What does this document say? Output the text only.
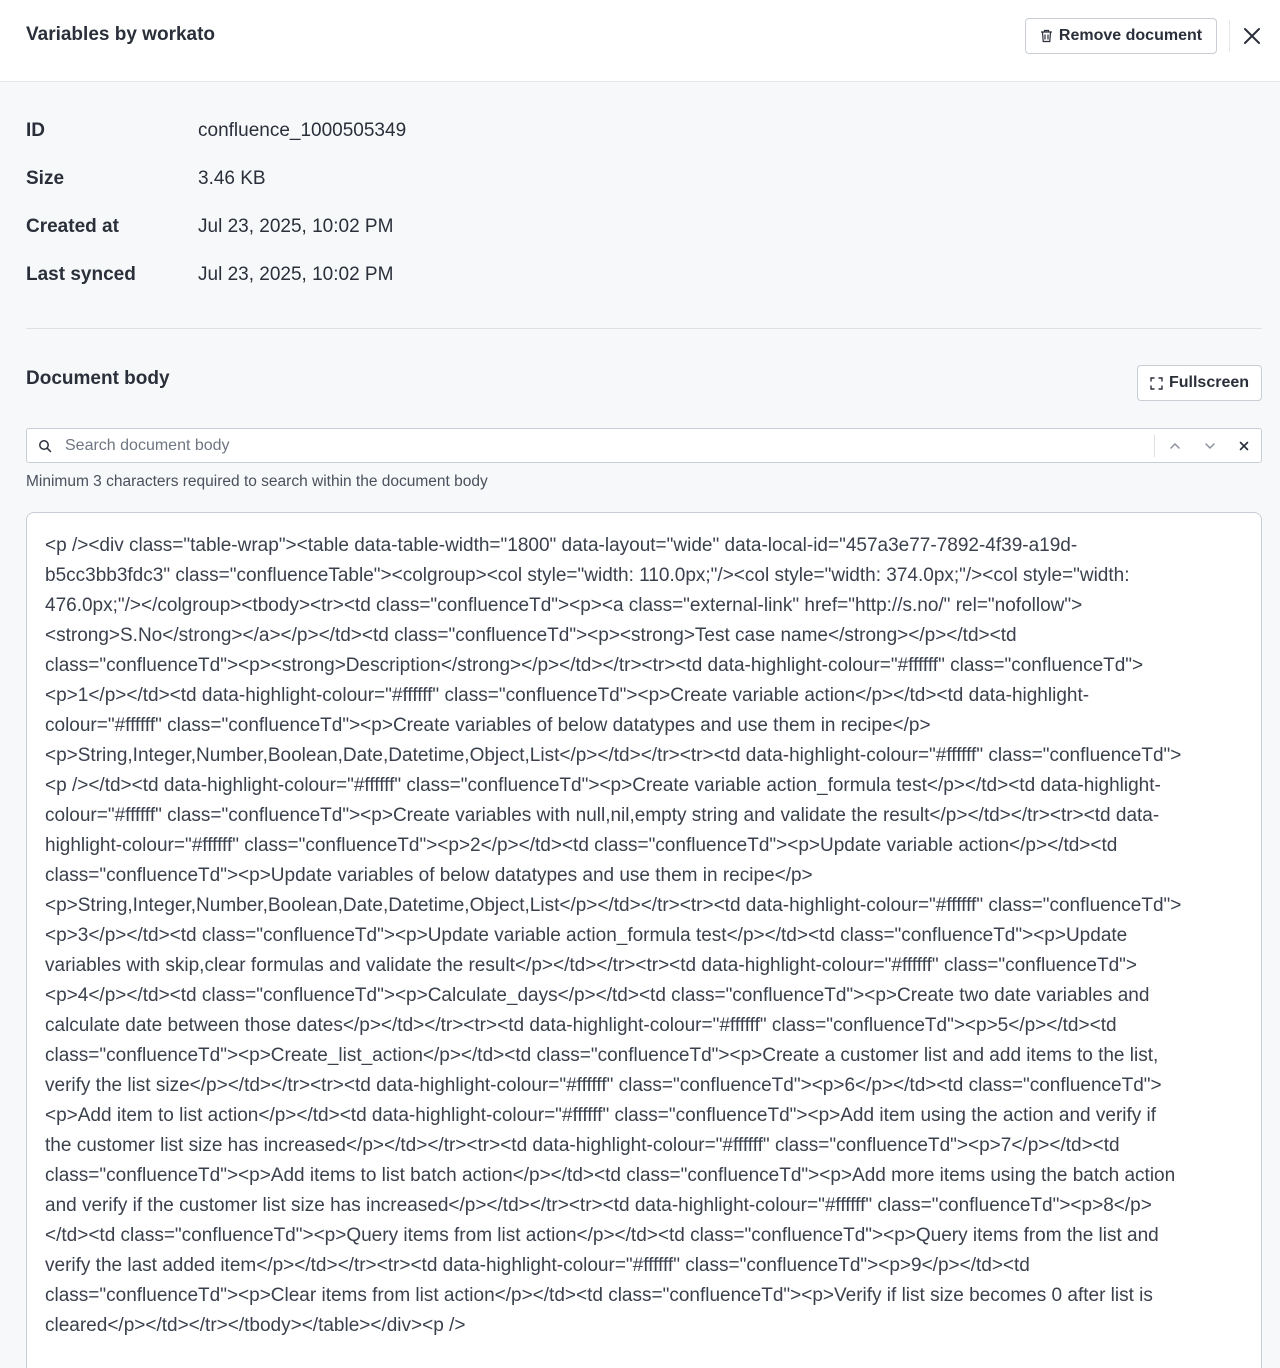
Variables by workato	Remove document
ID	confluence_1000505349
Size	3.46 KB
Created at	Jul 23, 2025, 10:02 PM
Last synced	Jul 23, 2025, 10:02 PM
Document body	Fullscreen
Search document body
Minimum 3 characters required to search within the document body
<p /><div class="table-wrap"><table data-table-width="1800" data-layout="wide" data-local-id="457a3e77-7892-4f39-a19d-
b5cc3bb3fdc3" class="confluenceTable"><colgroup><col style="width: 110.0px;"/><col style="width: 374.0px;"/><col style="width:
476.0px;"/></colgroup><tbody><tr><td class="confluenceTd"><p><a class="external-link" href="http://s.no/" rel="nofollow">
<strong>S.No</strong></a></p></td><td class="confluenceTd"><p><strong>Test case name</strong></p></td><td
class="confluenceTd"><p><strong>Description</strong></p></td></tr><tr><td data-highlight-colour="#ffffff" class="confluenceTd">
<p>1</p></td><td data-highlight-colour="#ffffff" class="confluenceTd"><p>Create variable action</p></td><td data-highlight-
colour="#ffffff" class="confluenceTd"><p>Create variables of below datatypes and use them in recipe</p>
<p>String,Integer,Number,Boolean,Date,Datetime,Object,List</p></td></tr><tr><td data-highlight-colour="#ffffff" class="confluenceTd">
<p /></td><td data-highlight-colour="#ffffff" class="confluenceTd"><p>Create variable action_formula test</p></td><td data-highlight-
colour="#ffffff" class="confluenceTd"><p>Create variables with null,nil,empty string and validate the result</p></td></tr><tr><td data-
highlight-colour="#ffffff" class="confluenceTd"><p>2</p></td><td class="confluenceTd"><p>Update variable action</p></td><td
class="confluenceTd"><p>Update variables of below datatypes and use them in recipe</p>
<p>String,Integer,Number,Boolean,Date,Datetime,Object,List</p></td></tr><tr><td data-highlight-colour="#ffffff" class="confluenceTd">
<p>3</p></td><td class="confluenceTd"><p>Update variable action_formula test</p></td><td class="confluenceTd"><p>Update
variables with skip,clear formulas and validate the result</p></td></tr><tr><td data-highlight-colour="#ffffff" class="confluenceTd">
<p>4</p></td><td class="confluenceTd"><p>Calculate_days</p></td><td class="confluenceTd"><p>Create two date variables and
calculate date between those dates</p></td></tr><tr><td data-highlight-colour="#ffffff" class="confluenceTd"><p>5</p></td><td
class="confluenceTd"><p>Create_list_action</p></td><td class="confluenceTd"><p>Create a customer list and add items to the list,
verify the list size</p></td></tr><tr><td data-highlight-colour="#ffffff" class="confluenceTd"><p>6</p></td><td class="confluenceTd">
<p>Add item to list action</p></td><td data-highlight-colour="#ffffff" class="confluenceTd"><p>Add item using the action and verify if
the customer list size has increased</p></td></tr><tr><td data-highlight-colour="#ffffff" class="confluenceTd"><p>7</p></td><td
class="confluenceTd"><p>Add items to list batch action</p></td><td class="confluenceTd"><p>Add more items using the batch action
and verify if the customer list size has increased</p></td></tr><tr><td data-highlight-colour="#ffffff" class="confluenceTd"><p>8</p>
</td><td class="confluenceTd"><p>Query items from list action</p></td><td class="confluenceTd"><p>Query items from the list and
verify the last added item</p></td></tr><tr><td data-highlight-colour="#ffffff" class="confluenceTd"><p>9</p></td><td
class="confluenceTd"><p>Clear items from list action</p></td><td class="confluenceTd"><p>Verify if list size becomes 0 after list is
cleared</p></td></tr></tbody></table></div><p />
